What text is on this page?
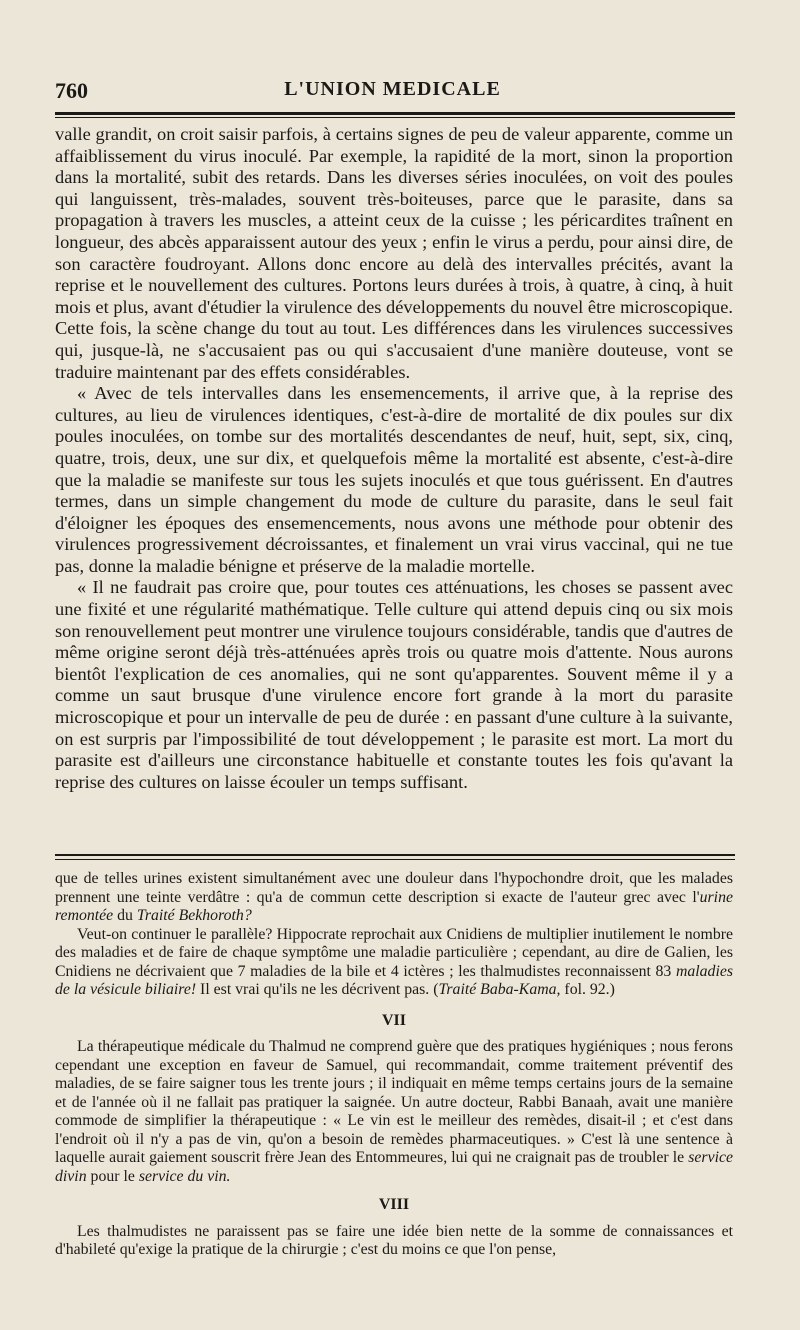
760	L'UNION MEDICALE

valle grandit, on croit saisir parfois, à certains signes de peu de valeur apparente, comme un affaiblissement du virus inoculé. Par exemple, la rapidité de la mort, sinon la proportion dans la mortalité, subit des retards. Dans les diverses séries inoculées, on voit des poules qui languissent, très-malades, souvent très-boiteuses, parce que le parasite, dans sa propagation à travers les muscles, a atteint ceux de la cuisse ; les péricardites traînent en longueur, des abcès apparaissent autour des yeux ; enfin le virus a perdu, pour ainsi dire, de son caractère foudroyant. Allons donc encore au delà des intervalles précités, avant la reprise et le nouvellement des cultures. Portons leurs durées à trois, à quatre, à cinq, à huit mois et plus, avant d'étudier la virulence des développements du nouvel être microscopique. Cette fois, la scène change du tout au tout. Les différences dans les virulences successives qui, jusque-là, ne s'accusaient pas ou qui s'accusaient d'une manière douteuse, vont se traduire maintenant par des effets considérables.

« Avec de tels intervalles dans les ensemencements, il arrive que, à la reprise des cultures, au lieu de virulences identiques, c'est-à-dire de mortalité de dix poules sur dix poules inoculées, on tombe sur des mortalités descendantes de neuf, huit, sept, six, cinq, quatre, trois, deux, une sur dix, et quelquefois même la mortalité est absente, c'est-à-dire que la maladie se manifeste sur tous les sujets inoculés et que tous guérissent. En d'autres termes, dans un simple changement du mode de culture du parasite, dans le seul fait d'éloigner les époques des ensemencements, nous avons une méthode pour obtenir des virulences progressivement décroissantes, et finalement un vrai virus vaccinal, qui ne tue pas, donne la maladie bénigne et préserve de la maladie mortelle.

« Il ne faudrait pas croire que, pour toutes ces atténuations, les choses se passent avec une fixité et une régularité mathématique. Telle culture qui attend depuis cinq ou six mois son renouvellement peut montrer une virulence toujours considérable, tandis que d'autres de même origine seront déjà très-atténuées après trois ou quatre mois d'attente. Nous aurons bientôt l'explication de ces anomalies, qui ne sont qu'apparentes. Souvent même il y a comme un saut brusque d'une virulence encore fort grande à la mort du parasite microscopique et pour un intervalle de peu de durée : en passant d'une culture à la suivante, on est surpris par l'impossibilité de tout développement ; le parasite est mort. La mort du parasite est d'ailleurs une circonstance habituelle et constante toutes les fois qu'avant la reprise des cultures on laisse écouler un temps suffisant.

que de telles urines existent simultanément avec une douleur dans l'hypochondre droit, que les malades prennent une teinte verdâtre : qu'a de commun cette description si exacte de l'auteur grec avec l'urine remontée du Traité Bekhoroth?

Veut-on continuer le parallèle? Hippocrate reprochait aux Cnidiens de multiplier inutilement le nombre des maladies et de faire de chaque symptôme une maladie particulière ; cependant, au dire de Galien, les Cnidiens ne décrivaient que 7 maladies de la bile et 4 ictères ; les thalmudistes reconnaissent 83 maladies de la vésicule biliaire! Il est vrai qu'ils ne les décrivent pas. (Traité Baba-Kama, fol. 92.)

VII

La thérapeutique médicale du Thalmud ne comprend guère que des pratiques hygiéniques ; nous ferons cependant une exception en faveur de Samuel, qui recommandait, comme traitement préventif des maladies, de se faire saigner tous les trente jours ; il indiquait en même temps certains jours de la semaine et de l'année où il ne fallait pas pratiquer la saignée. Un autre docteur, Rabbi Banaah, avait une manière commode de simplifier la thérapeutique : « Le vin est le meilleur des remèdes, disait-il ; et c'est dans l'endroit où il n'y a pas de vin, qu'on a besoin de remèdes pharmaceutiques. » C'est là une sentence à laquelle aurait gaiement souscrit frère Jean des Entommeures, lui qui ne craignait pas de troubler le service divin pour le service du vin.

VIII

Les thalmudistes ne paraissent pas se faire une idée bien nette de la somme de connaissances et d'habileté qu'exige la pratique de la chirurgie ; c'est du moins ce que l'on pense,
